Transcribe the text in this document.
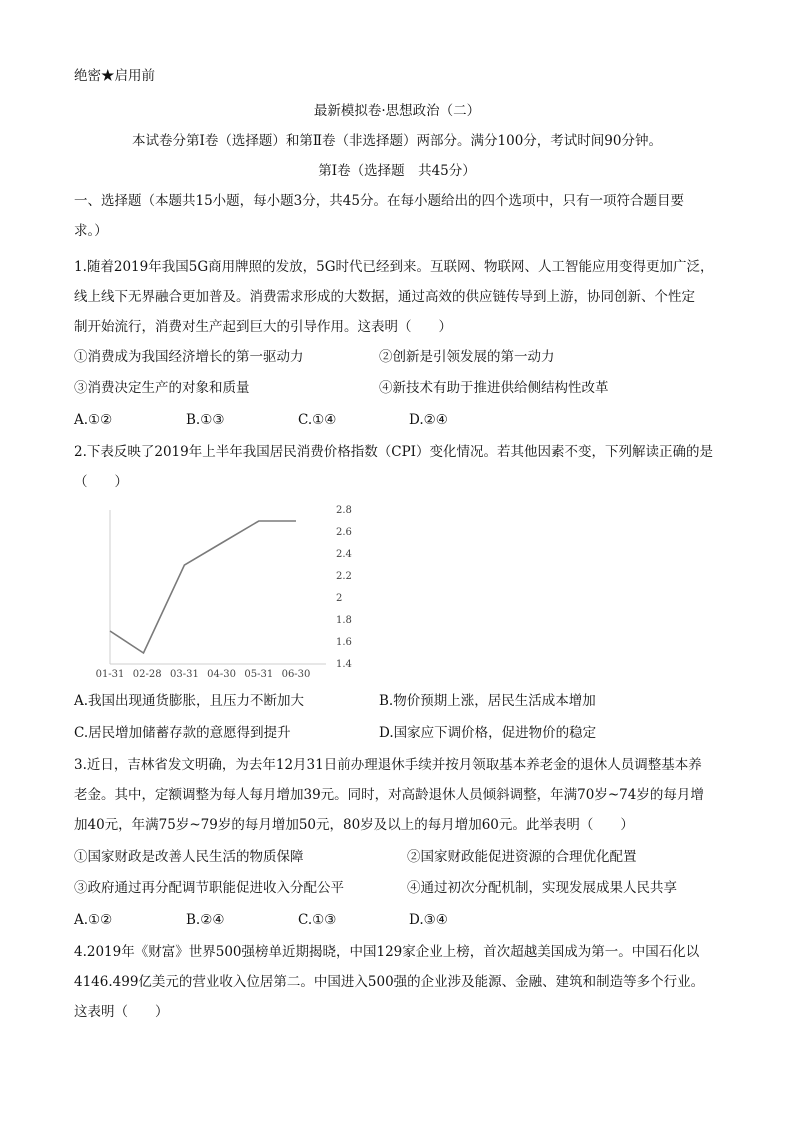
绝密★启用前
最新模拟卷·思想政治（二）
本试卷分第Ⅰ卷（选择题）和第Ⅱ卷（非选择题）两部分。满分100分，考试时间90分钟。
第Ⅰ卷（选择题　共45分）
一、选择题（本题共15小题，每小题3分，共45分。在每小题给出的四个选项中，只有一项符合题目要
求。）
1.随着2019年我国5G商用牌照的发放，5G时代已经到来。互联网、物联网、人工智能应用变得更加广泛，
线上线下无界融合更加普及。消费需求形成的大数据，通过高效的供应链传导到上游，协同创新、个性定
制开始流行，消费对生产起到巨大的引导作用。这表明（　　）
①消费成为我国经济增长的第一驱动力	②创新是引领发展的第一动力
③消费决定生产的对象和质量	④新技术有助于推进供给侧结构性改革
A.①②	B.①③	C.①④	D.②④
2.下表反映了2019年上半年我国居民消费价格指数（CPI）变化情况。若其他因素不变，下列解读正确的是
（　　）
2.8
2.6
2.4
2.2
2
1.8
1.6
1.4
01-31 02-28 03-31 04-30 05-31 06-30
A.我国出现通货膨胀，且压力不断加大	B.物价预期上涨，居民生活成本增加
C.居民增加储蓄存款的意愿得到提升	D.国家应下调价格，促进物价的稳定
3.近日，吉林省发文明确，为去年12月31日前办理退休手续并按月领取基本养老金的退休人员调整基本养
老金。其中，定额调整为每人每月增加39元。同时，对高龄退休人员倾斜调整，年满70岁~74岁的每月增
加40元，年满75岁~79岁的每月增加50元，80岁及以上的每月增加60元。此举表明（　　）
①国家财政是改善人民生活的物质保障	②国家财政能促进资源的合理优化配置
③政府通过再分配调节职能促进收入分配公平	④通过初次分配机制，实现发展成果人民共享
A.①②	B.②④	C.①③	D.③④
4.2019年《财富》世界500强榜单近期揭晓，中国129家企业上榜，首次超越美国成为第一。中国石化以
4146.499亿美元的营业收入位居第二。中国进入500强的企业涉及能源、金融、建筑和制造等多个行业。
这表明（　　）
